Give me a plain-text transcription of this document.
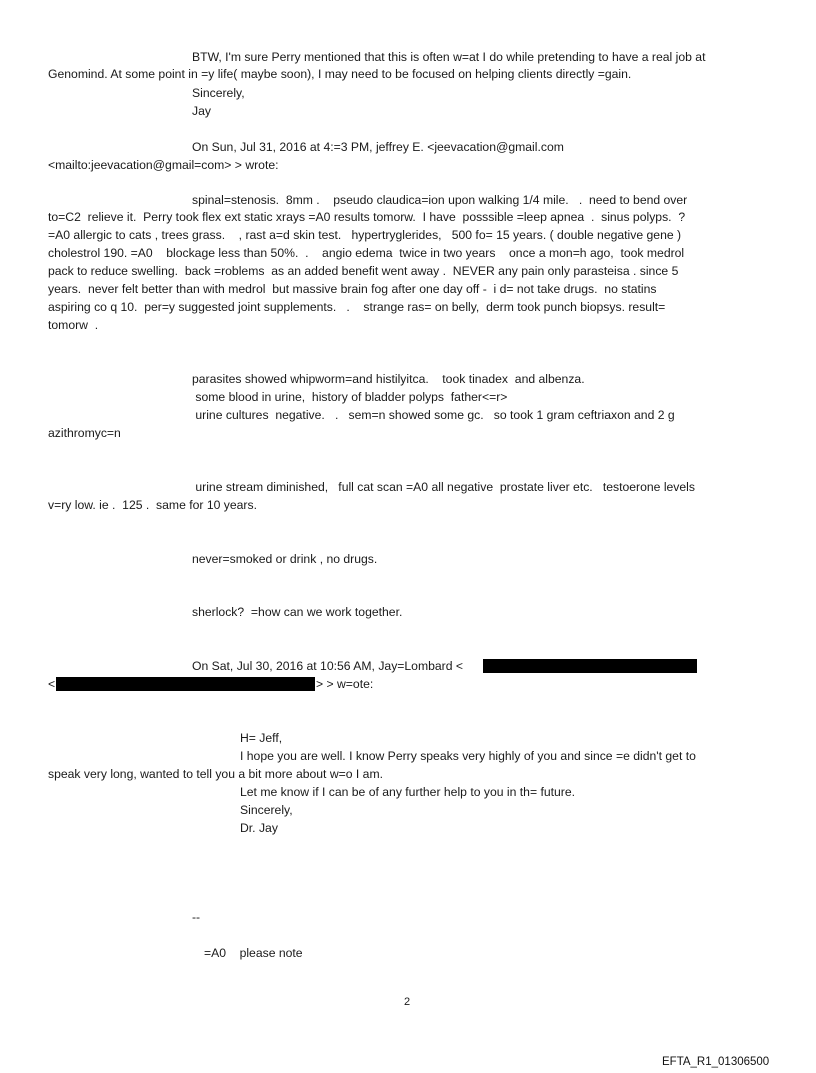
BTW, I'm sure Perry mentioned that this is often w=at I do while pretending to have a real job at

Genomind. At some point in =y life( maybe soon), I may need to be focused on helping clients directly =gain.

Sincerely,

Jay

On Sun, Jul 31, 2016 at 4:=3 PM, jeffrey E. <jeevacation@gmail.com

<mailto:jeevacation@gmail=com> > wrote:

spinal=stenosis.  8mm .    pseudo claudica=ion upon walking 1/4 mile.   .  need to bend over

to=C2  relieve it.  Perry took flex ext static xrays =A0 results tomorw.  I have  posssible =leep apnea  .  sinus polyps.  ?

=A0 allergic to cats , trees grass.    , rast a=d skin test.   hypertryglerides,   500 fo= 15 years. ( double negative gene )

cholestrol 190. =A0    blockage less than 50%.  .    angio edema  twice in two years    once a mon=h ago,  took medrol

pack to reduce swelling.  back =roblems  as an added benefit went away .  NEVER any pain only parasteisa . since 5

years.  never felt better than with medrol  but massive brain fog after one day off -  i d= not take drugs.  no statins

aspiring co q 10.  per=y suggested joint supplements.   .    strange ras= on belly,  derm took punch biopsys. result=

tomorw  .

parasites showed whipworm=and histilyitca.    took tinadex  and albenza.

some blood in urine,  history of bladder polyps  father<=r>

urine cultures  negative.   .   sem=n showed some gc.   so took 1 gram ceftriaxon and 2 g

azithromyc=n

urine stream diminished,   full cat scan =A0 all negative  prostate liver etc.   testoerone levels

v=ry low. ie .  125 .  same for 10 years.

never=smoked or drink , no drugs.

sherlock?  =how can we work together.

On Sat, Jul 30, 2016 at 10:56 AM, Jay=Lombard <

<	> > w=ote:

H= Jeff,

I hope you are well. I know Perry speaks very highly of you and since =e didn't get to

speak very long, wanted to tell you a bit more about w=o I am.

Let me know if I can be of any further help to you in th= future.

Sincerely,

Dr. Jay

--

=A0    please note

2
EFTA_R1_01306500
